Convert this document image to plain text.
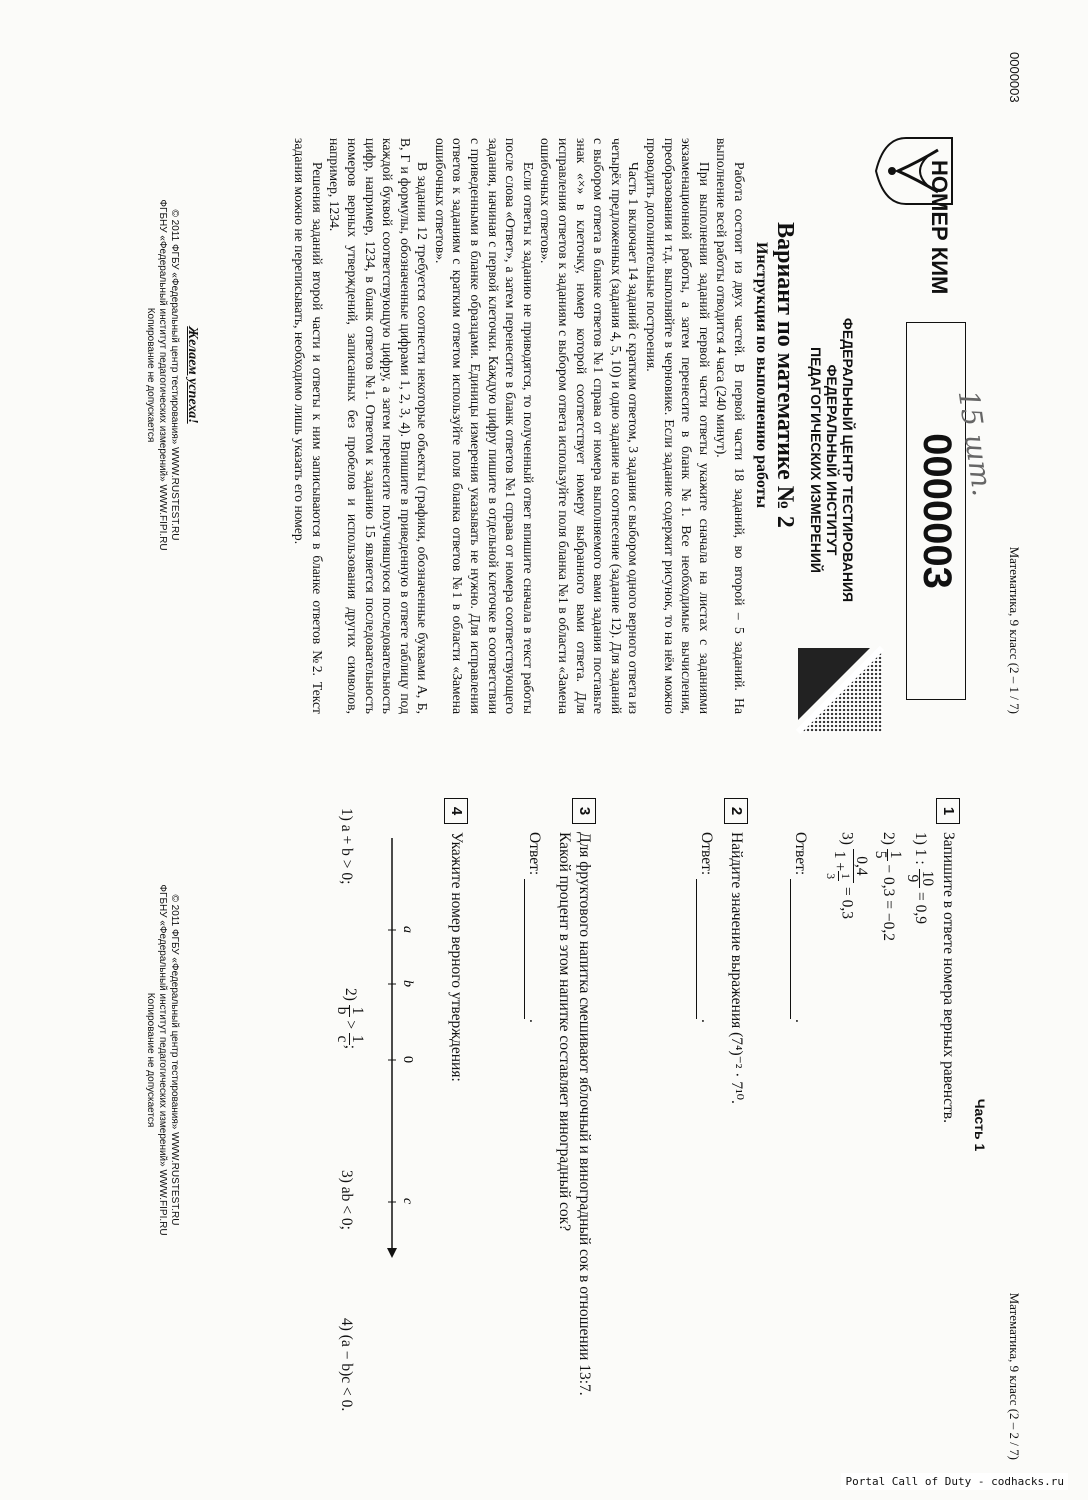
0000003
Математика, 9 класс (2 – 1 / 7)
НОМЕР КИМ
0000003
15 шт.
ФЕДЕРАЛЬНЫЙ ЦЕНТР ТЕСТИРОВАНИЯ
ФЕДЕРАЛЬНЫЙ ИНСТИТУТ
ПЕДАГОГИЧЕСКИХ ИЗМЕРЕНИЙ
Вариант по математике № 2
Инструкция по выполнению работы

Работа состоит из двух частей. В первой части 18 заданий, во второй – 5 заданий. На выполнение всей работы отводится 4 часа (240 минут).

При выполнении заданий первой части ответы укажите сначала на листах с заданиями экзаменационной работы, а затем перенесите в бланк №1. Все необходимые вычисления, преобразования и т.д. выполняйте в черновике. Если задание содержит рисунок, то на нём можно проводить дополнительные построения.

Часть 1 включает 14 заданий с кратким ответом, 3 задания с выбором одного верного ответа из четырёх предложенных (задания 4, 5, 10) и одно задание на соотнесение (задание 12). Для заданий с выбором ответа в бланке ответов №1 справа от номера выполняемого вами задания поставьте знак «×» в клеточку, номер которой соответствует номеру выбранного вами ответа. Для исправления ответов к заданиям с выбором ответа используйте поля бланка №1 в области «Замена ошибочных ответов».

Если ответы к заданию не приводятся, то полученный ответ впишите сначала в текст работы после слова «Ответ», а затем перенесите в бланк ответов №1 справа от номера соответствующего задания, начиная с первой клеточки. Каждую цифру пишите в отдельной клеточке в соответствии с приведенными в бланке образцами. Единицы измерения указывать не нужно. Для исправления ответов к заданиям с кратким ответом используйте поля бланка ответов №1 в области «Замена ошибочных ответов».

В задании 12 требуется соотнести некоторые объекты (графики, обозначенные буквами А, Б, В, Г и формулы, обозначенные цифрами 1, 2, 3, 4). Впишите в приведенную в ответе таблицу под каждой буквой соответствующую цифру, а затем перенесите получившуюся последовательность цифр, например, 1234, в бланк ответов №1. Ответом к заданию 15 является последовательность номеров верных утверждений, записанных без пробелов и использования других символов, например, 1234.

Решения заданий второй части и ответы к ним записываются в бланке ответов №2. Текст задания можно не переписывать, необходимо лишь указать его номер.

Желаем успеха!
© 2011 ФГБУ «Федеральный центр тестирования» WWW.RUSTEST.RU
ФГБНУ «Федеральный институт педагогических измерений» WWW.FIPI.RU
Копирование не допускается
Математика, 9 класс (2 – 2 / 7)
Часть 1
1
Запишите в ответе номера верных равенств.
1) 1 :
10
9
= 0,9
2)
1
5
− 0,3 = −0,2
3)
0,4
1 +
1
3
= 0,3
Ответ: .
2
Найдите значение выражения (7⁴)⁻² · 7¹⁰.
Ответ: .
3
Для фруктового напитка смешивают яблочный и виноградный сок в отношении 13:7. Какой процент в этом напитке составляет виноградный сок?
Ответ: .
4
Укажите номер верного утверждения:
a
b
0
c
1) a + b > 0;
2)
1
b
>
1
c
;
3) ab < 0;
4) (a − b)c < 0.
© 2011 ФГБУ «Федеральный центр тестирования» WWW.RUSTEST.RU
ФГБНУ «Федеральный институт педагогических измерений» WWW.FIPI.RU
Копирование не допускается
Portal Call of Duty - codhacks.ru
